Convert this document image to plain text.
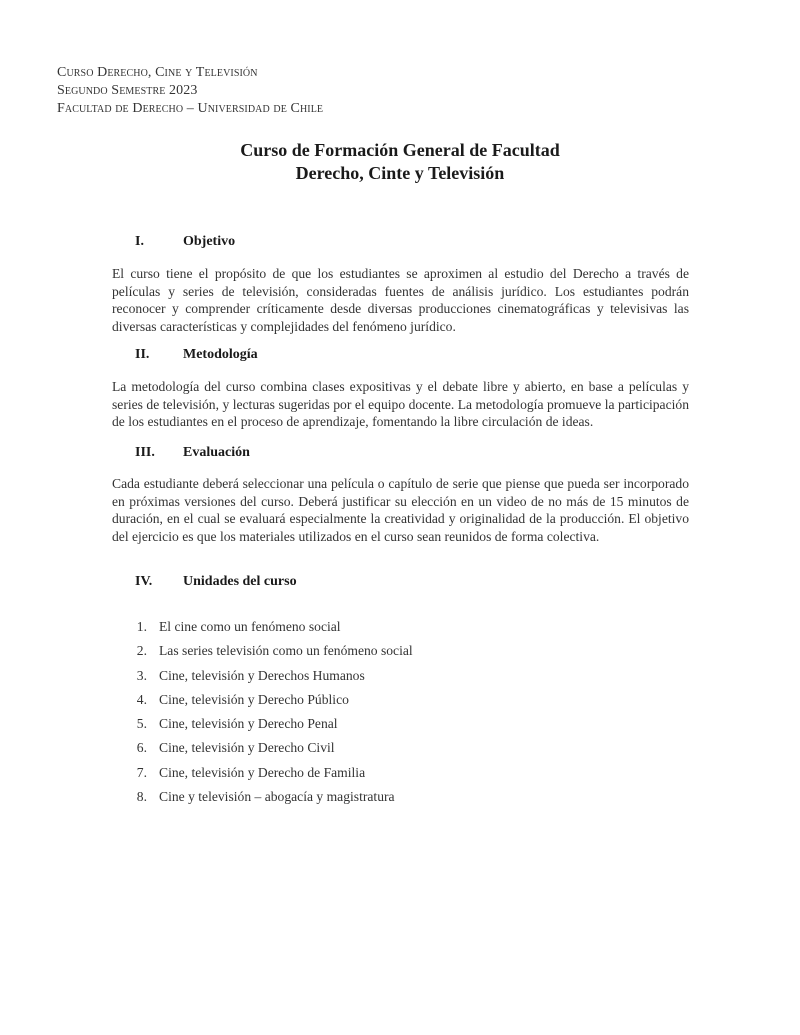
Curso Derecho, Cine y Televisión
Segundo Semestre 2023
Facultad de Derecho – Universidad de Chile
Curso de Formación General de Facultad
Derecho, Cinte y Televisión
I.	Objetivo
El curso tiene el propósito de que los estudiantes se aproximen al estudio del Derecho a través de películas y series de televisión, consideradas fuentes de análisis jurídico. Los estudiantes podrán reconocer y comprender críticamente desde diversas producciones cinematográficas y televisivas las diversas características y complejidades del fenómeno jurídico.
II. Metodología
La metodología del curso combina clases expositivas y el debate libre y abierto, en base a películas y series de televisión, y lecturas sugeridas por el equipo docente. La metodología promueve la participación de los estudiantes en el proceso de aprendizaje, fomentando la libre circulación de ideas.
III. Evaluación
Cada estudiante deberá seleccionar una película o capítulo de serie que piense que pueda ser incorporado en próximas versiones del curso. Deberá justificar su elección en un video de no más de 15 minutos de duración, en el cual se evaluará especialmente la creatividad y originalidad de la producción. El objetivo del ejercicio es que los materiales utilizados en el curso sean reunidos de forma colectiva.
IV. Unidades del curso
1. El cine como un fenómeno social
2. Las series televisión como un fenómeno social
3. Cine, televisión y Derechos Humanos
4. Cine, televisión y Derecho Público
5. Cine, televisión y Derecho Penal
6. Cine, televisión y Derecho Civil
7. Cine, televisión y Derecho de Familia
8. Cine y televisión – abogacía y magistratura
